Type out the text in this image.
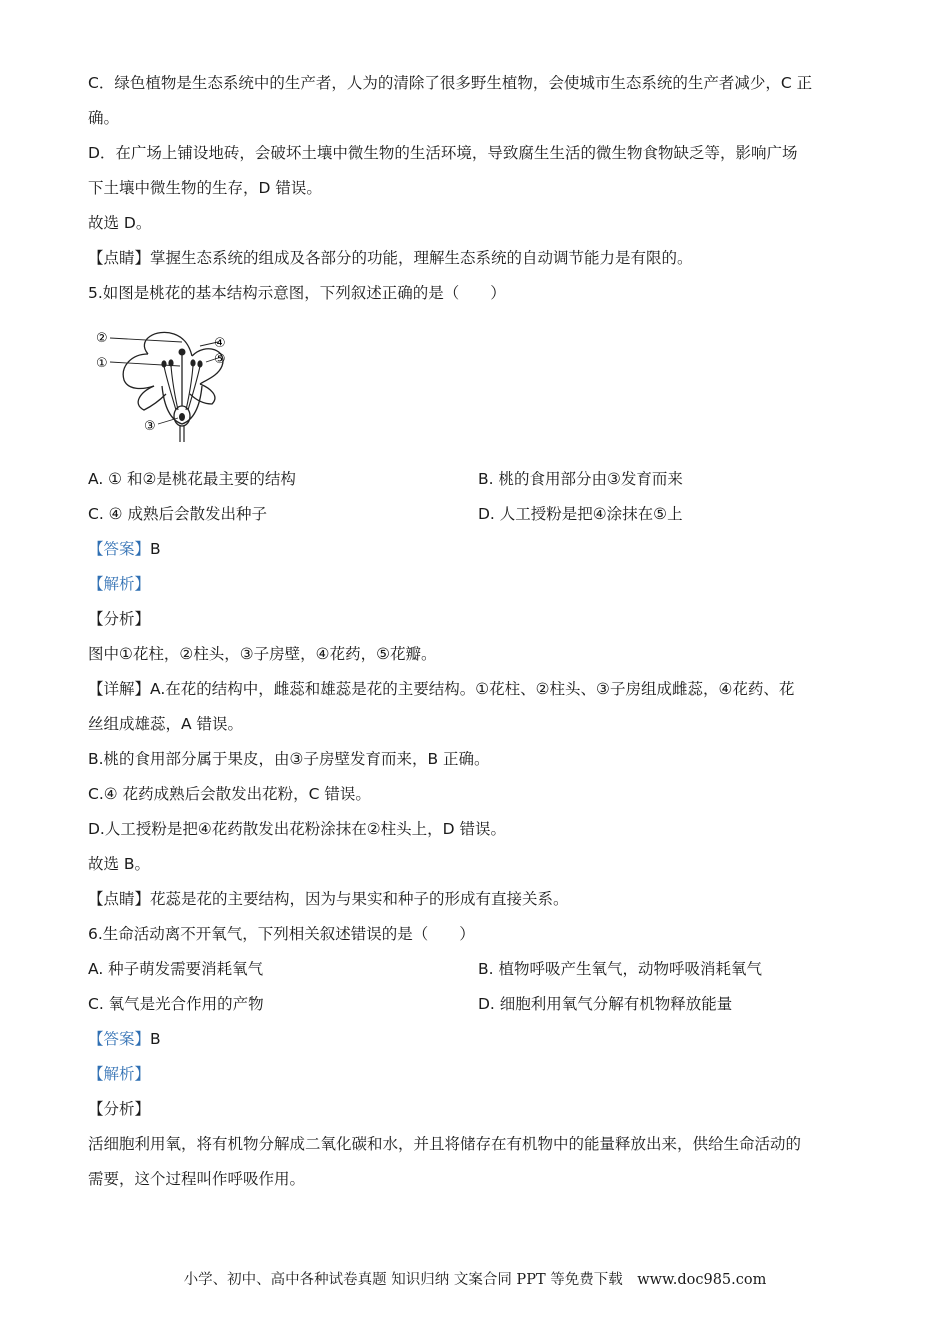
C．绿色植物是生态系统中的生产者，人为的清除了很多野生植物，会使城市生态系统的生产者减少，C 正

确。

D．在广场上铺设地砖，会破坏土壤中微生物的生活环境，导致腐生生活的微生物食物缺乏等，影响广场

下土壤中微生物的生存，D 错误。

故选 D。

【点睛】掌握生态系统的组成及各部分的功能，理解生态系统的自动调节能力是有限的。

5.如图是桃花的基本结构示意图，下列叙述正确的是（　　）

②
①
③
④
⑤
A. ① 和②是桃花最主要的结构	B. 桃的食用部分由③发育而来
C. ④ 成熟后会散发出种子	D. 人工授粉是把④涂抹在⑤上

【答案】B

【解析】

【分析】

图中①花柱，②柱头，③子房壁，④花药，⑤花瓣。

【详解】A.在花的结构中，雌蕊和雄蕊是花的主要结构。①花柱、②柱头、③子房组成雌蕊，④花药、花

丝组成雄蕊，A 错误。

B.桃的食用部分属于果皮，由③子房壁发育而来，B 正确。

C.④ 花药成熟后会散发出花粉，C 错误。

D.人工授粉是把④花药散发出花粉涂抹在②柱头上，D 错误。

故选 B。

【点睛】花蕊是花的主要结构，因为与果实和种子的形成有直接关系。

6.生命活动离不开氧气，下列相关叙述错误的是（　　）

A. 种子萌发需要消耗氧气	B. 植物呼吸产生氧气，动物呼吸消耗氧气
C. 氧气是光合作用的产物	D. 细胞利用氧气分解有机物释放能量

【答案】B

【解析】

【分析】

活细胞利用氧，将有机物分解成二氧化碳和水，并且将储存在有机物中的能量释放出来，供给生命活动的

需要，这个过程叫作呼吸作用。

小学、初中、高中各种试卷真题 知识归纳 文案合同 PPT 等免费下载　www.doc985.com
